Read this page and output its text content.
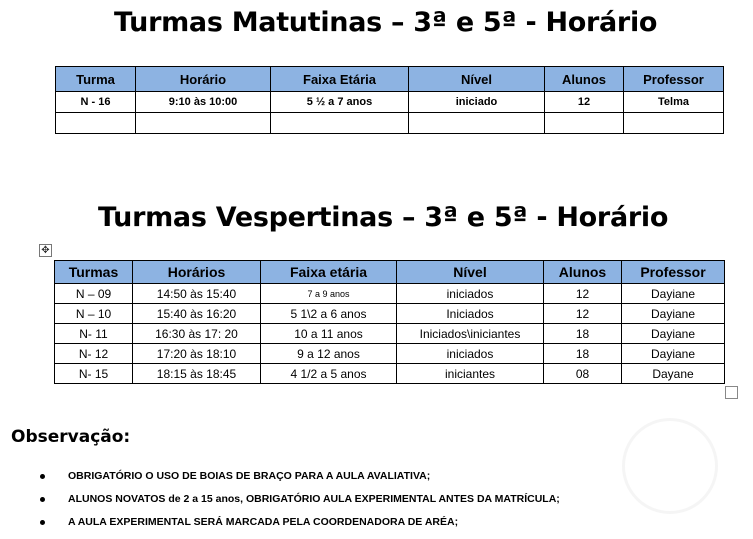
Turmas Matutinas – 3ª e 5ª - Horário
Turma	Horário	Faixa Etária	Nível	Alunos	Professor
N - 16	9:10 às 10:00	5 ½ a 7 anos	iniciado	12	Telma

Turmas Vespertinas – 3ª e 5ª - Horário
✥
Turmas	Horários	Faixa etária	Nível	Alunos	Professor
N – 09	14:50 às 15:40	7 a 9 anos	iniciados	12	Dayiane
N – 10	15:40 às 16:20	5 1\2 a 6 anos	Iniciados	12	Dayiane
N- 11	16:30 às 17: 20	10 a 11 anos	Iniciados\iniciantes	18	Dayiane
N- 12	17:20 às 18:10	9 a 12 anos	iniciados	18	Dayiane
N- 15	18:15 às 18:45	4 1/2 a 5 anos	iniciantes	08	Dayane
Observação:
OBRIGATÓRIO O USO DE BOIAS DE BRAÇO PARA A AULA AVALIATIVA;
ALUNOS NOVATOS de 2 a 15 anos, OBRIGATÓRIO AULA EXPERIMENTAL ANTES DA MATRÍCULA;
A AULA EXPERIMENTAL SERÁ MARCADA PELA COORDENADORA DE ARÉA;
